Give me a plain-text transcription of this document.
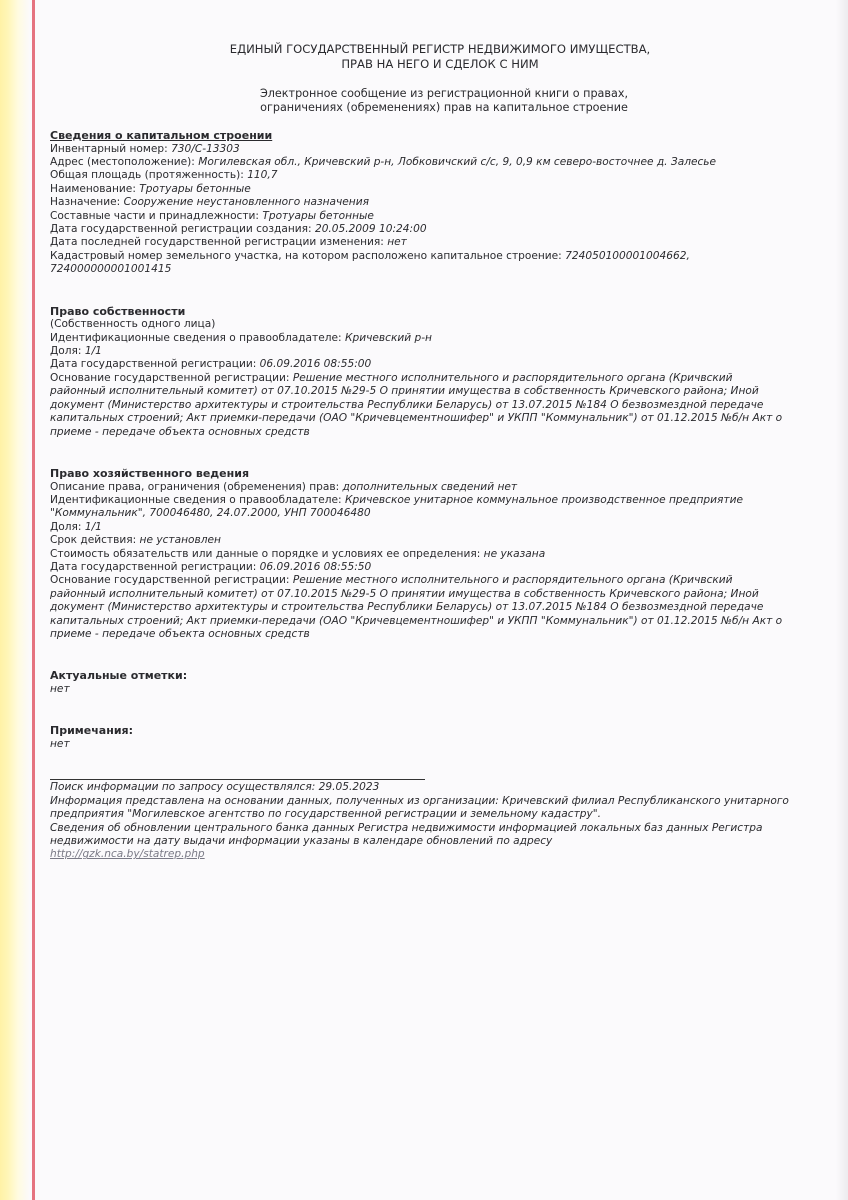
ЕДИНЫЙ ГОСУДАРСТВЕННЫЙ РЕГИСТР НЕДВИЖИМОГО ИМУЩЕСТВА,
ПРАВ НА НЕГО И СДЕЛОК С НИМ
Электронное сообщение из регистрационной книги о правах,
ограничениях (обременениях) прав на капитальное строение
Сведения о капитальном строении
Инвентарный номер: 730/С-13303
Адрес (местоположение): Могилевская обл., Кричевский р-н, Лобковичский с/с, 9, 0,9 км северо-восточнее д. Залесье
Общая площадь (протяженность): 110,7
Наименование: Тротуары бетонные
Назначение: Сооружение неустановленного назначения
Составные части и принадлежности: Тротуары бетонные
Дата государственной регистрации создания: 20.05.2009 10:24:00
Дата последней государственной регистрации изменения: нет
Кадастровый номер земельного участка, на котором расположено капитальное строение: 724050100001004662,
724000000001001415
Право собственности
(Собственность одного лица)
Идентификационные сведения о правообладателе: Кричевский р-н
Доля: 1/1
Дата государственной регистрации: 06.09.2016 08:55:00
Основание государственной регистрации: Решение местного исполнительного и распорядительного органа (Кричвский районный исполнительный комитет) от 07.10.2015 №29-5 О принятии имущества в собственность Кричевского района; Иной документ (Министерство архитектуры и строительства Республики Беларусь) от 13.07.2015 №184 О безвозмездной передаче капитальных строений; Акт приемки-передачи (ОАО "Кричевцементношифер" и УКПП "Коммунальник") от 01.12.2015 №б/н Акт о приеме - передаче объекта основных средств
Право хозяйственного ведения
Описание права, ограничения (обременения) прав: дополнительных сведений нет
Идентификационные сведения о правообладателе: Кричевское унитарное коммунальное производственное предприятие "Коммунальник", 700046480, 24.07.2000, УНП 700046480
Доля: 1/1
Срок действия: не установлен
Стоимость обязательств или данные о порядке и условиях ее определения: не указана
Дата государственной регистрации: 06.09.2016 08:55:50
Основание государственной регистрации: Решение местного исполнительного и распорядительного органа (Кричвский районный исполнительный комитет) от 07.10.2015 №29-5 О принятии имущества в собственность Кричевского района; Иной документ (Министерство архитектуры и строительства Республики Беларусь) от 13.07.2015 №184 О безвозмездной передаче капитальных строений; Акт приемки-передачи (ОАО "Кричевцементношифер" и УКПП "Коммунальник") от 01.12.2015 №б/н Акт о приеме - передаче объекта основных средств
Актуальные отметки:
нет
Примечания:
нет
Поиск информации по запросу осуществлялся: 29.05.2023
Информация представлена на основании данных, полученных из организации: Кричевский филиал Республиканского унитарного предприятия "Могилевское агентство по государственной регистрации и земельному кадастру".
Сведения об обновлении центрального банка данных Регистра недвижимости информацией локальных баз данных Регистра недвижимости на дату выдачи информации указаны в календаре обновлений по адресу
http://gzk.nca.by/statrep.php
